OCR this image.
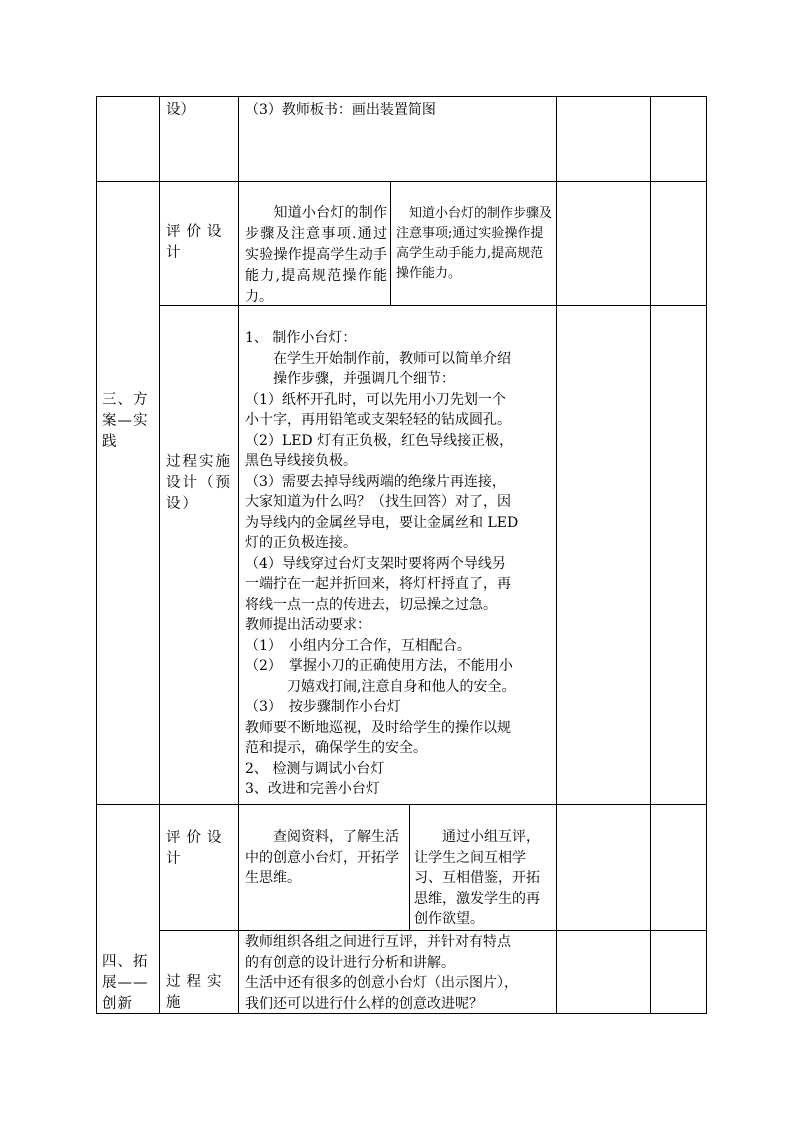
设）	（3）教师板书：画出装置简图
三、方案—实践
评价设计
　　知道小台灯的制作步骤及注意事项.通过实验操作提高学生动手能力,提高规范操作能力。
　知道小台灯的制作步骤及注意事项;通过实验操作提高学生动手能力,提高规范操作能力。
过程实施设计（预设）
1、 制作小台灯：
　　在学生开始制作前，教师可以简单介绍
　　操作步骤，并强调几个细节：
（1）纸杯开孔时，可以先用小刀先划一个
小十字，再用铅笔或支架轻轻的钻成圆孔。
（2）LED 灯有正负极，红色导线接正极，
黑色导线接负极。
（3）需要去掉导线两端的绝缘片再连接，
大家知道为什么吗？（找生回答）对了，因
为导线内的金属丝导电，要让金属丝和 LED
灯的正负极连接。
（4）导线穿过台灯支架时要将两个导线另
一端拧在一起并折回来，将灯杆捋直了，再
将线一点一点的传进去，切忌操之过急。
教师提出活动要求：
（1）　小组内分工合作，互相配合。
（2）　掌握小刀的正确使用方法，不能用小
　　　刀嬉戏打闹,注意自身和他人的安全。
（3）　按步骤制作小台灯
教师要不断地巡视，及时给学生的操作以规
范和提示，确保学生的安全。
2、 检测与调试小台灯
3、改进和完善小台灯
四、拓展——创新
评价设计
　　查阅资料，了解生活中的创意小台灯，开拓学生思维。
　　通过小组互评，让学生之间互相学习、互相借鉴，开拓思维，激发学生的再创作欲望。
过程实施
教师组织各组之间进行互评，并针对有特点
的有创意的设计进行分析和讲解。
生活中还有很多的创意小台灯（出示图片），
我们还可以进行什么样的创意改进呢？
